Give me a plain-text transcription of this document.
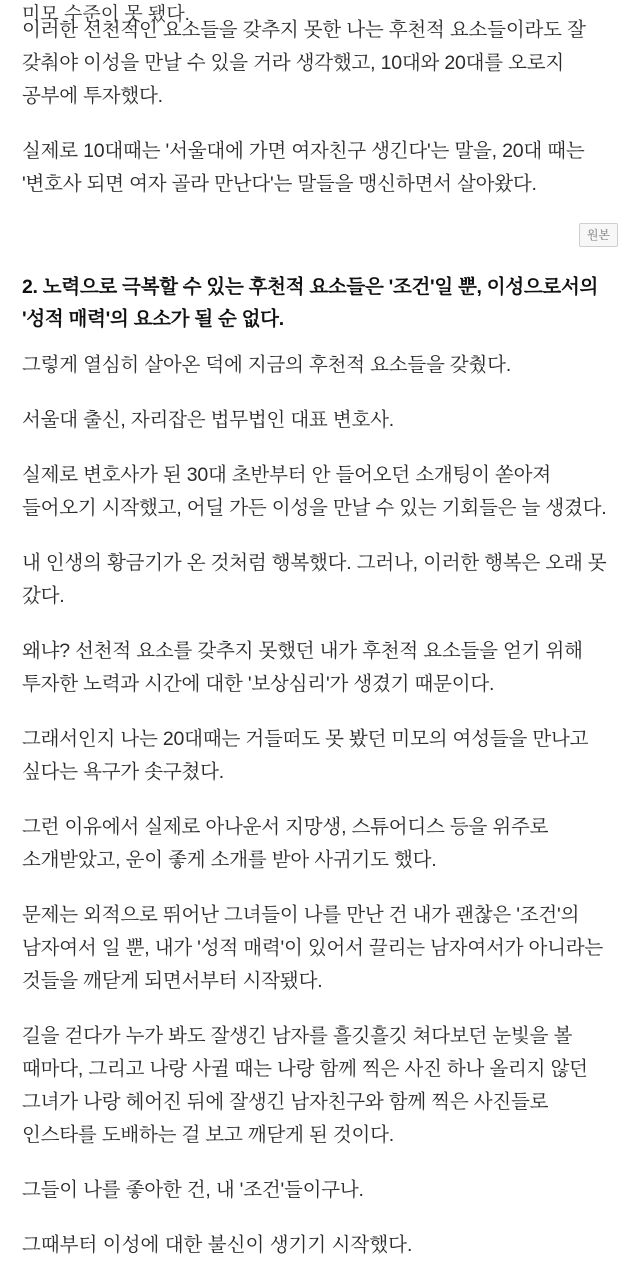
미모 수준이 못 됐다.

이러한 선천적인 요소들을 갖추지 못한 나는 후천적 요소들이라도 잘 갖춰야 이성을 만날 수 있을 거라 생각했고, 10대와 20대를 오로지 공부에 투자했다.

실제로 10대때는 '서울대에 가면 여자친구 생긴다'는 말을, 20대 때는 '변호사 되면 여자 골라 만난다'는 말들을 맹신하면서 살아왔다.

원본
2. 노력으로 극복할 수 있는 후천적 요소들은 '조건'일 뿐, 이성으로서의 '성적 매력'의 요소가 될 순 없다.

그렇게 열심히 살아온 덕에 지금의 후천적 요소들을 갖췄다.

서울대 출신, 자리잡은 법무법인 대표 변호사.

실제로 변호사가 된 30대 초반부터 안 들어오던 소개팅이 쏟아져 들어오기 시작했고, 어딜 가든 이성을 만날 수 있는 기회들은 늘 생겼다.

내 인생의 황금기가 온 것처럼 행복했다. 그러나, 이러한 행복은 오래 못 갔다.

왜냐? 선천적 요소를 갖추지 못했던 내가 후천적 요소들을 얻기 위해 투자한 노력과 시간에 대한 '보상심리'가 생겼기 때문이다.

그래서인지 나는 20대때는 거들떠도 못 봤던 미모의 여성들을 만나고 싶다는 욕구가 솟구쳤다.

그런 이유에서 실제로 아나운서 지망생, 스튜어디스 등을 위주로 소개받았고, 운이 좋게 소개를 받아 사귀기도 했다.

문제는 외적으로 뛰어난 그녀들이 나를 만난 건 내가 괜찮은 '조건'의 남자여서 일 뿐, 내가 '성적 매력'이 있어서 끌리는 남자여서가 아니라는 것들을 깨닫게 되면서부터 시작됐다.

길을 걷다가 누가 봐도 잘생긴 남자를 흘깃흘깃 쳐다보던 눈빛을 볼 때마다, 그리고 나랑 사귈 때는 나랑 함께 찍은 사진 하나 올리지 않던 그녀가 나랑 헤어진 뒤에 잘생긴 남자친구와 함께 찍은 사진들로 인스타를 도배하는 걸 보고 깨닫게 된 것이다.

그들이 나를 좋아한 건, 내 '조건'들이구나.

그때부터 이성에 대한 불신이 생기기 시작했다.
